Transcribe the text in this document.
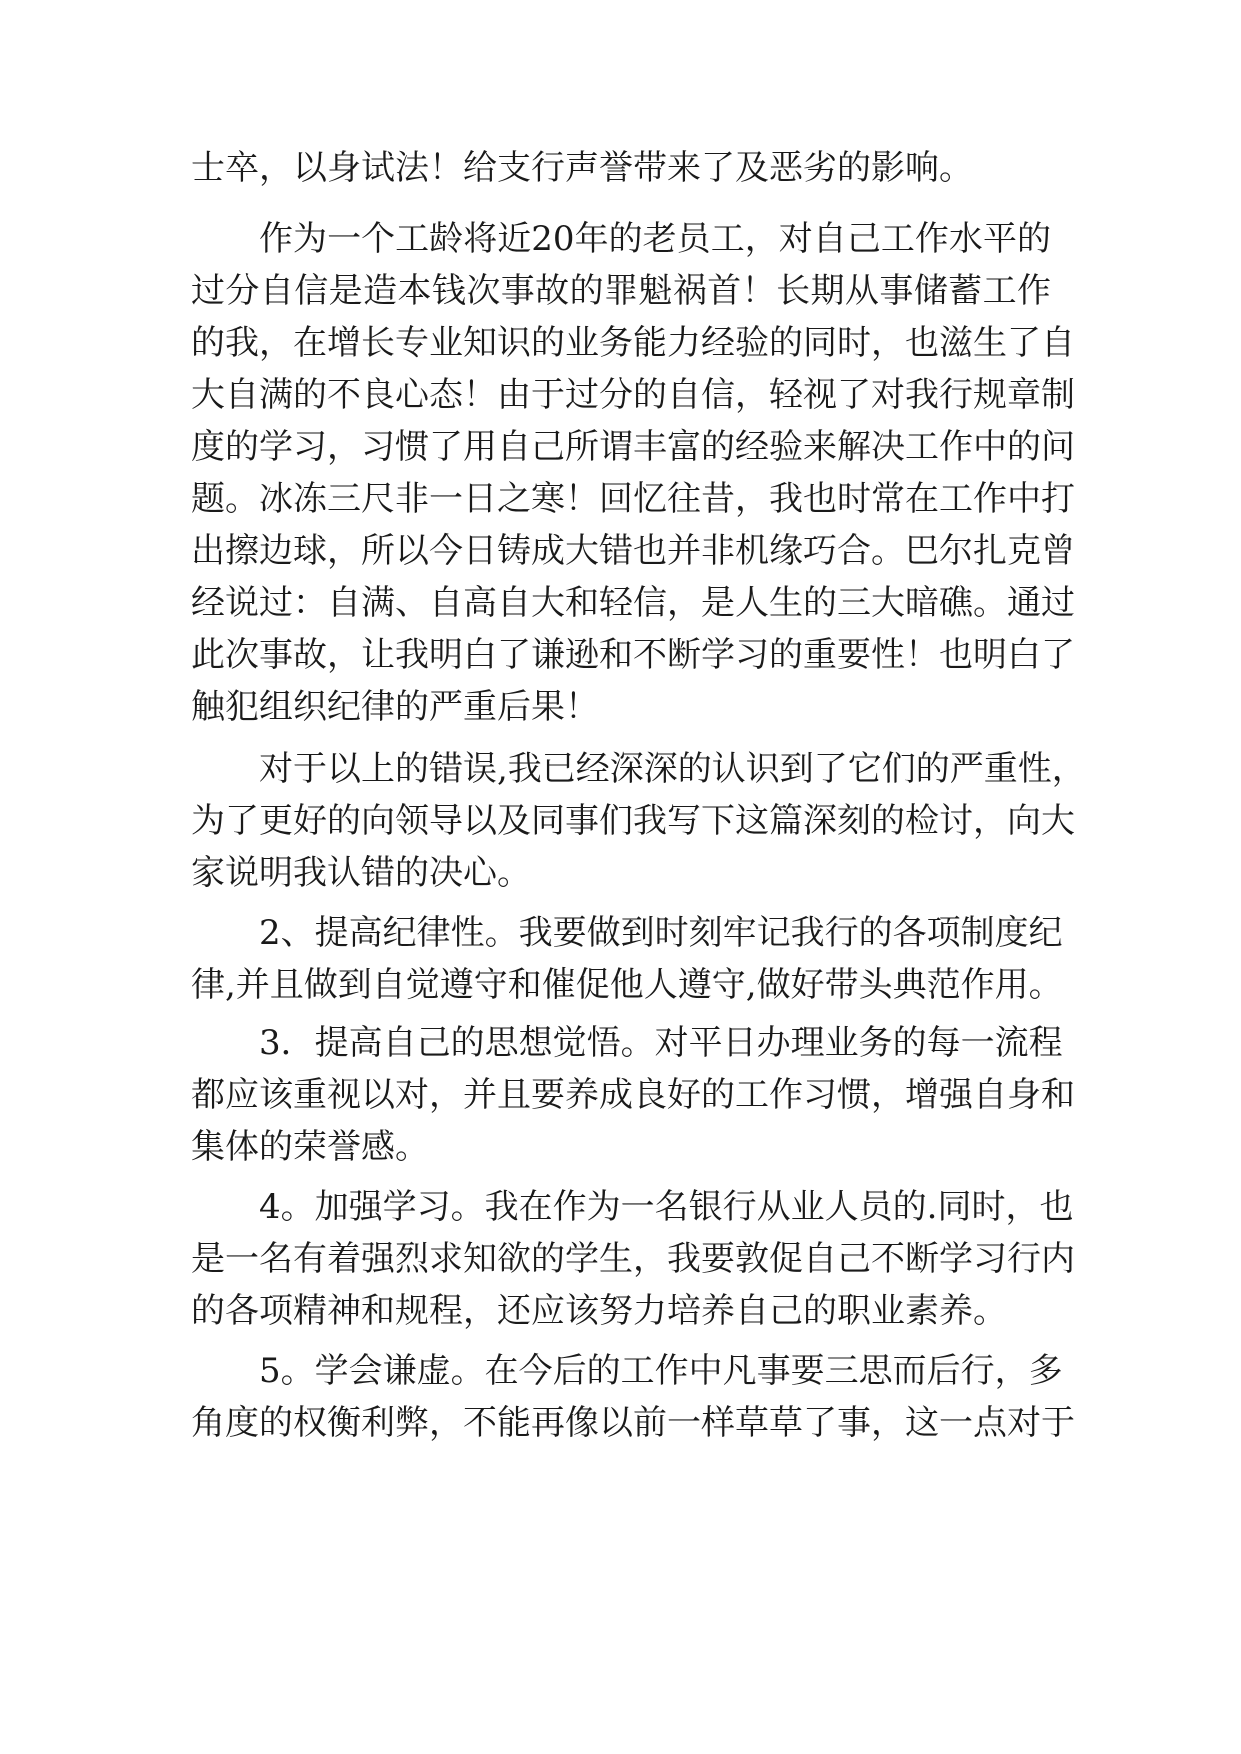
士卒，以身试法！给支行声誉带来了及恶劣的影响。

作为一个工龄将近20年的老员工，对自己工作水平的

过分自信是造本钱次事故的罪魁祸首！长期从事储蓄工作

的我，在增长专业知识的业务能力经验的同时，也滋生了自

大自满的不良心态！由于过分的自信，轻视了对我行规章制

度的学习，习惯了用自己所谓丰富的经验来解决工作中的问

题。冰冻三尺非一日之寒！回忆往昔，我也时常在工作中打

出擦边球，所以今日铸成大错也并非机缘巧合。巴尔扎克曾

经说过：自满、自高自大和轻信，是人生的三大暗礁。通过

此次事故，让我明白了谦逊和不断学习的重要性！也明白了

触犯组织纪律的严重后果！

对于以上的错误,我已经深深的认识到了它们的严重性，

为了更好的向领导以及同事们我写下这篇深刻的检讨，向大

家说明我认错的决心。

2、提高纪律性。我要做到时刻牢记我行的各项制度纪

律,并且做到自觉遵守和催促他人遵守,做好带头典范作用。

3．提高自己的思想觉悟。对平日办理业务的每一流程

都应该重视以对，并且要养成良好的工作习惯，增强自身和

集体的荣誉感。

4。加强学习。我在作为一名银行从业人员的.同时，也

是一名有着强烈求知欲的学生，我要敦促自己不断学习行内

的各项精神和规程，还应该努力培养自己的职业素养。

5。学会谦虚。在今后的工作中凡事要三思而后行，多

角度的权衡利弊，不能再像以前一样草草了事，这一点对于
